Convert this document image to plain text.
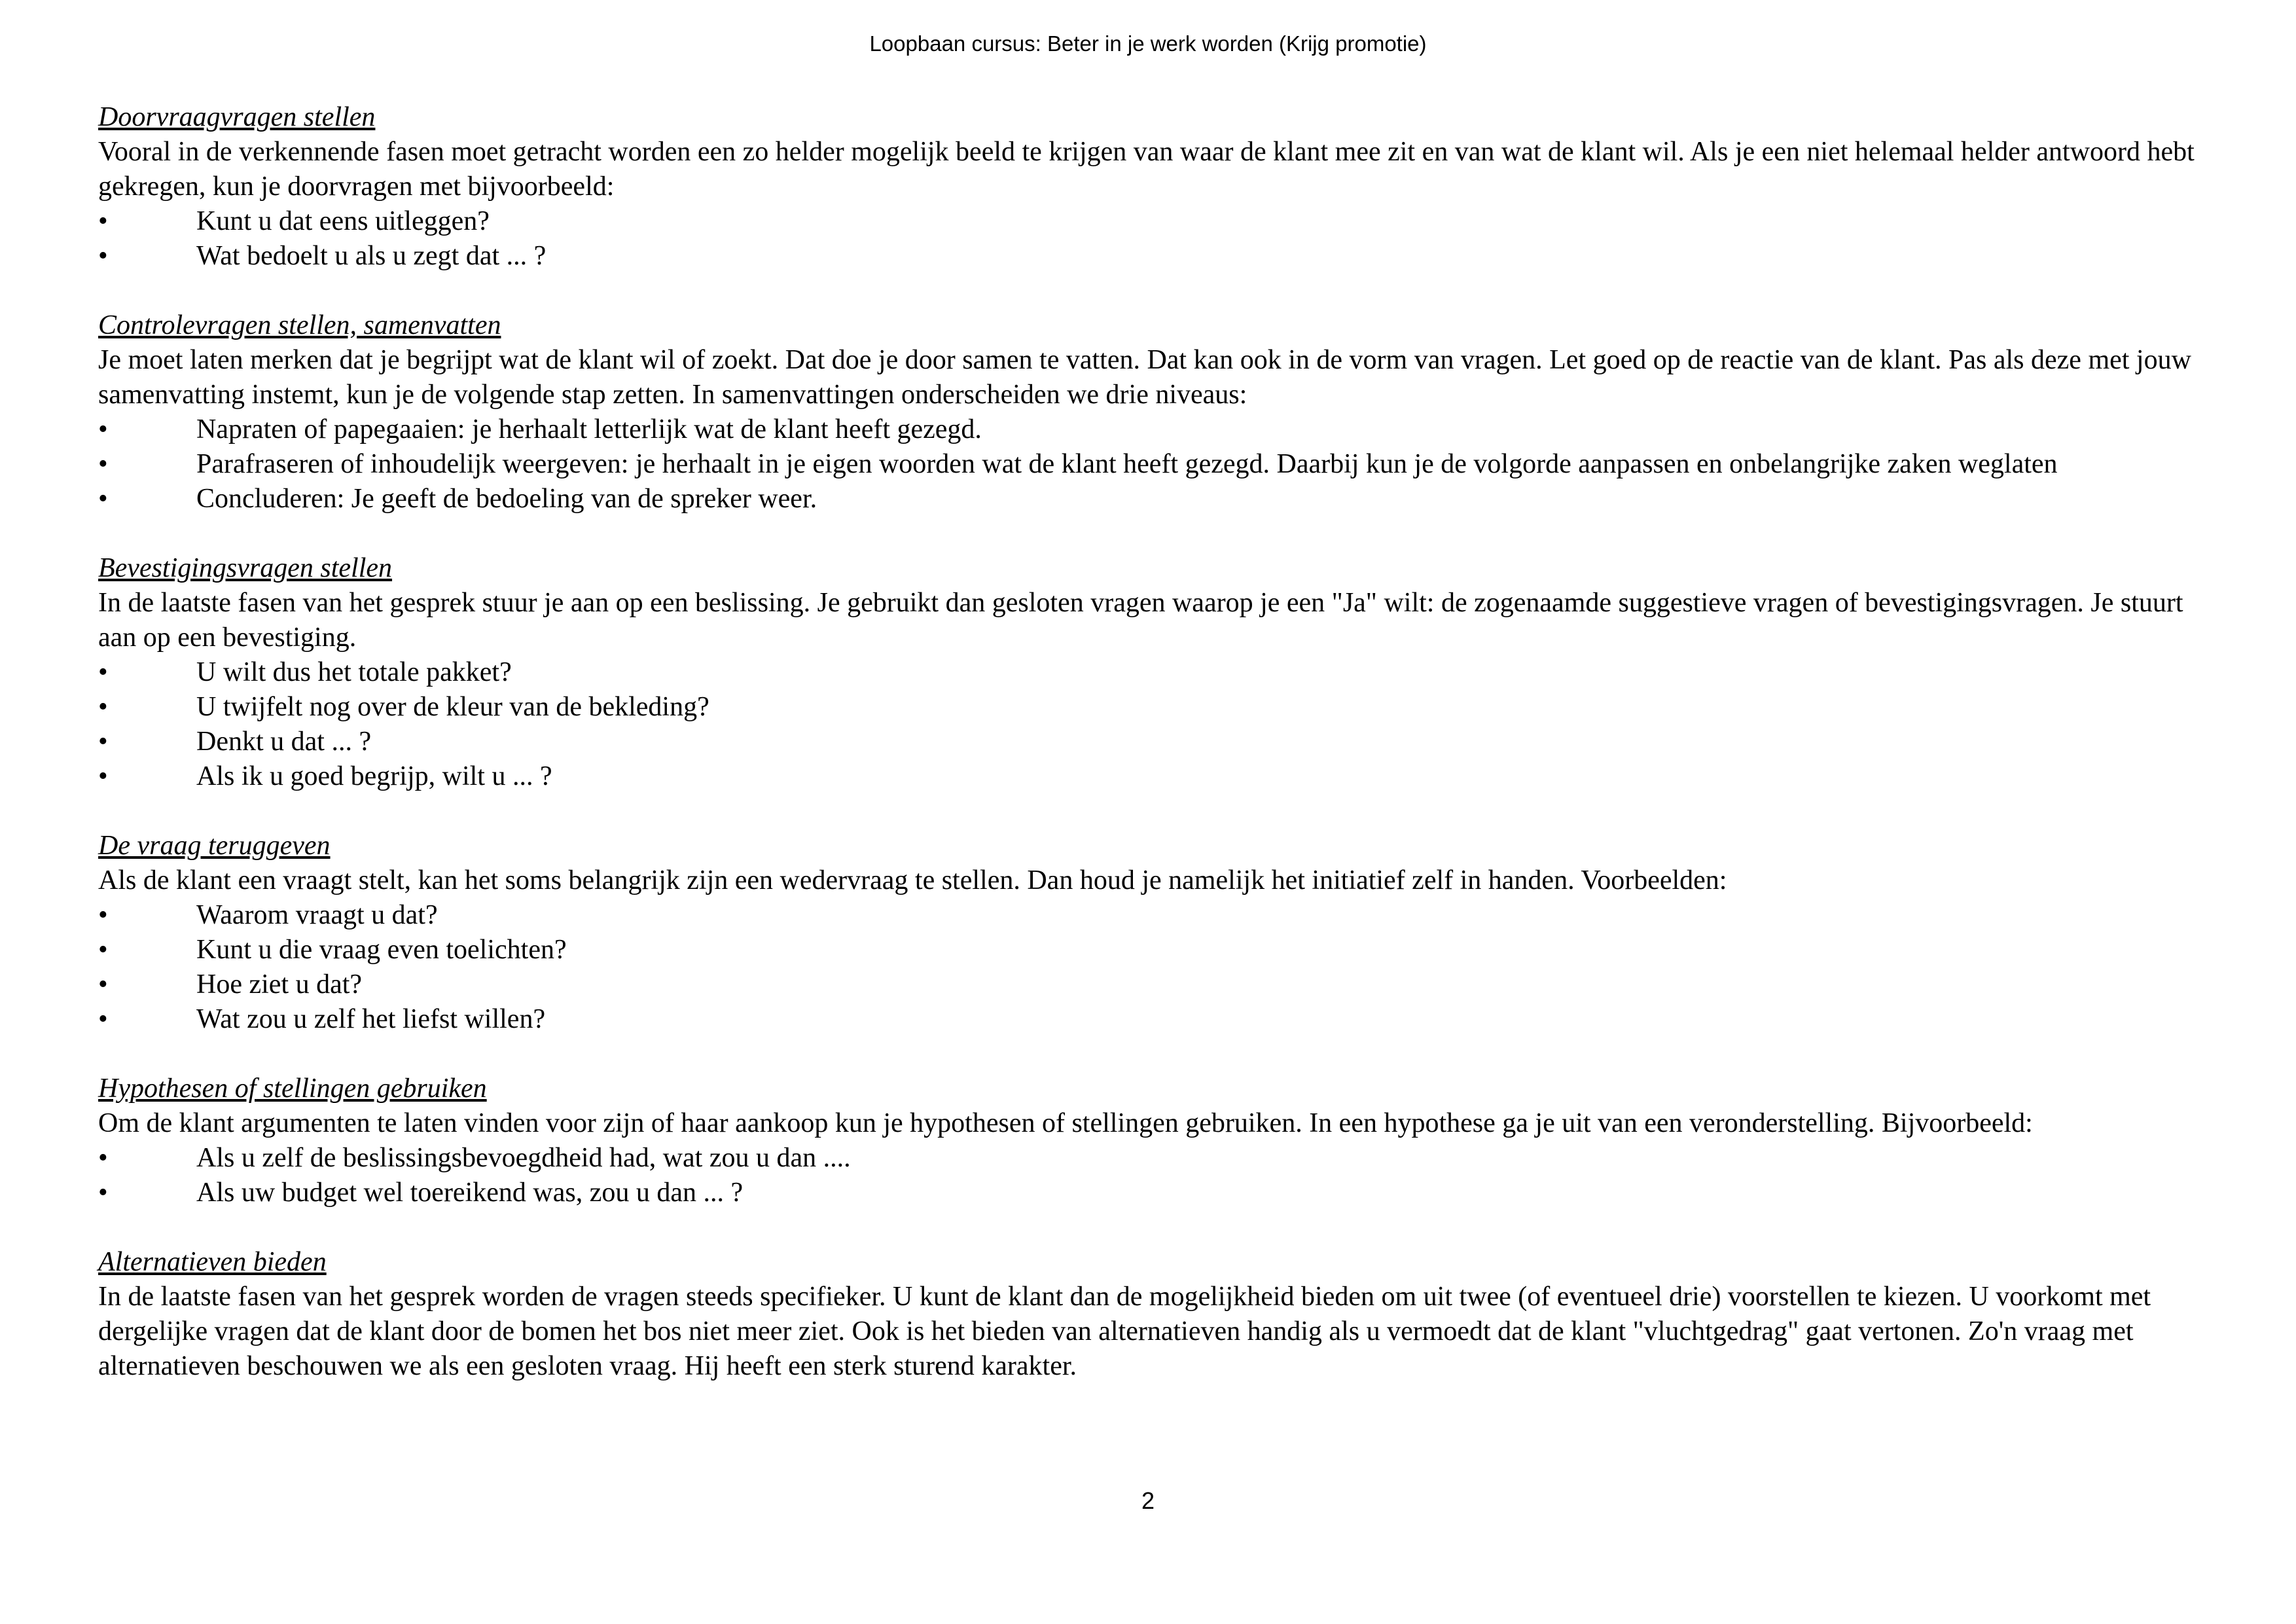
Loopbaan cursus: Beter in je werk worden (Krijg promotie)
Doorvraagvragen stellen

Vooral in de verkennende fasen moet getracht worden een zo helder mogelijk beeld te krijgen van waar de klant mee zit en van wat de klant wil. Als je een niet helemaal helder antwoord hebt gekregen, kun je doorvragen met bijvoorbeeld:

•	Kunt u dat eens uitleggen?
•	Wat bedoelt u als u zegt dat ... ?
Controlevragen stellen, samenvatten

Je moet laten merken dat je begrijpt wat de klant wil of zoekt. Dat doe je door samen te vatten. Dat kan ook in de vorm van vragen. Let goed op de reactie van de klant. Pas als deze met jouw samenvatting instemt, kun je de volgende stap zetten. In samenvattingen onderscheiden we drie niveaus:

•	Napraten of papegaaien: je herhaalt letterlijk wat de klant heeft gezegd.
•	Parafraseren of inhoudelijk weergeven: je herhaalt in je eigen woorden wat de klant heeft gezegd. Daarbij kun je de volgorde aanpassen en onbelangrijke zaken weglaten
•	Concluderen: Je geeft de bedoeling van de spreker weer.
Bevestigingsvragen stellen

In de laatste fasen van het gesprek stuur je aan op een beslissing. Je gebruikt dan gesloten vragen waarop je een "Ja" wilt: de zogenaamde suggestieve vragen of bevestigingsvragen. Je stuurt aan op een bevestiging.

•	U wilt dus het totale pakket?
•	U twijfelt nog over de kleur van de bekleding?
•	Denkt u dat ... ?
•	Als ik u goed begrijp, wilt u ... ?
De vraag teruggeven

Als de klant een vraagt stelt, kan het soms belangrijk zijn een wedervraag te stellen. Dan houd je namelijk het initiatief zelf in handen. Voorbeelden:

•	Waarom vraagt u dat?
•	Kunt u die vraag even toelichten?
•	Hoe ziet u dat?
•	Wat zou u zelf het liefst willen?
Hypothesen of stellingen gebruiken

Om de klant argumenten te laten vinden voor zijn of haar aankoop kun je hypothesen of stellingen gebruiken. In een hypothese ga je uit van een veronderstelling. Bijvoorbeeld:

•	Als u zelf de beslissingsbevoegdheid had, wat zou u dan ....
•	Als uw budget wel toereikend was, zou u dan ... ?
Alternatieven bieden

In de laatste fasen van het gesprek worden de vragen steeds specifieker. U kunt de klant dan de mogelijkheid bieden om uit twee (of eventueel drie) voorstellen te kiezen. U voorkomt met dergelijke vragen dat de klant door de bomen het bos niet meer ziet. Ook is het bieden van alternatieven handig als u vermoedt dat de klant "vluchtgedrag" gaat vertonen. Zo'n vraag met alternatieven beschouwen we als een gesloten vraag. Hij heeft een sterk sturend karakter.

2
